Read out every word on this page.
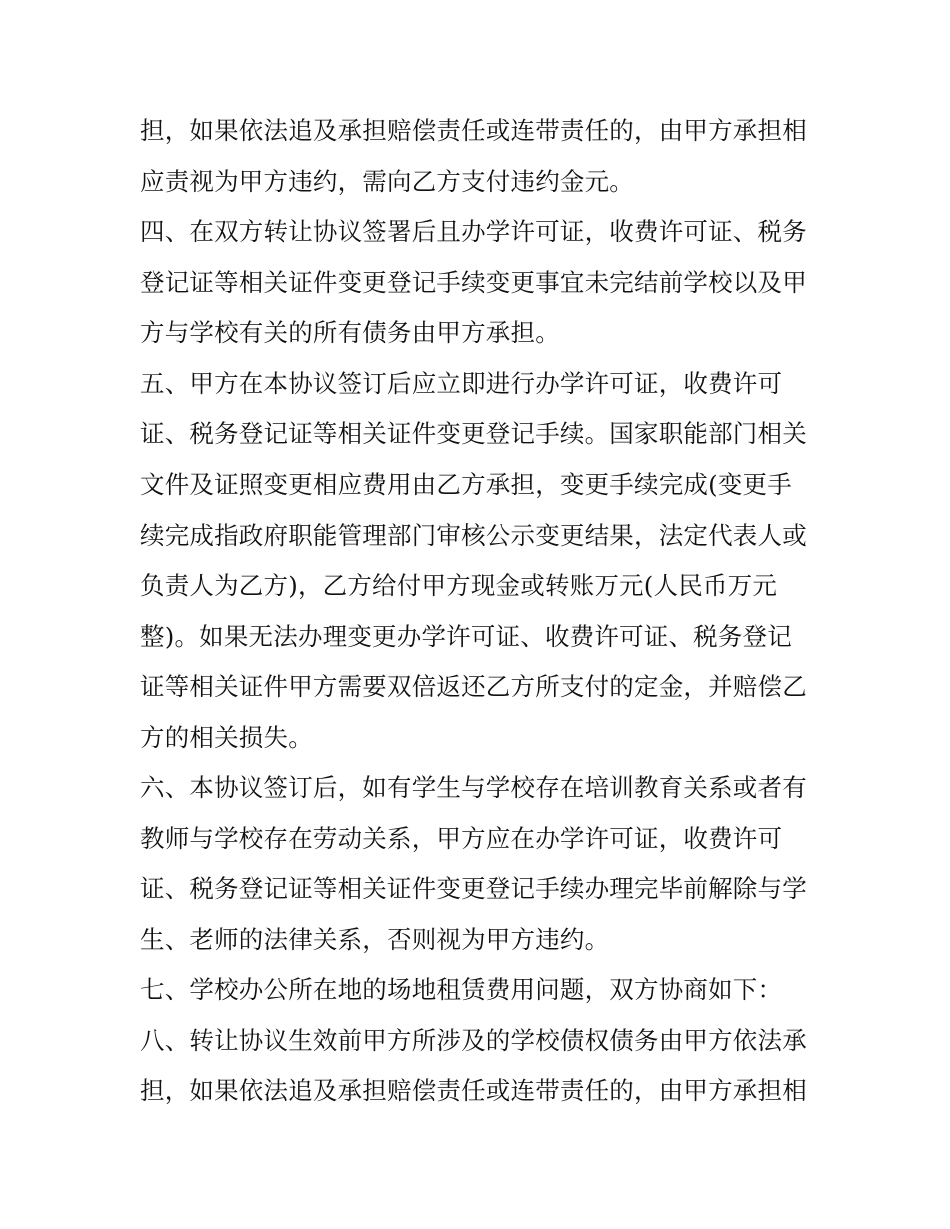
担，如果依法追及承担赔偿责任或连带责任的，由甲方承担相
应责视为甲方违约，需向乙方支付违约金元。
四、在双方转让协议签署后且办学许可证，收费许可证、税务
登记证等相关证件变更登记手续变更事宜未完结前学校以及甲
方与学校有关的所有债务由甲方承担。
五、甲方在本协议签订后应立即进行办学许可证，收费许可
证、税务登记证等相关证件变更登记手续。国家职能部门相关
文件及证照变更相应费用由乙方承担，变更手续完成(变更手
续完成指政府职能管理部门审核公示变更结果，法定代表人或
负责人为乙方)，乙方给付甲方现金或转账万元(人民币万元
整)。如果无法办理变更办学许可证、收费许可证、税务登记
证等相关证件甲方需要双倍返还乙方所支付的定金，并赔偿乙
方的相关损失。
六、本协议签订后，如有学生与学校存在培训教育关系或者有
教师与学校存在劳动关系，甲方应在办学许可证，收费许可
证、税务登记证等相关证件变更登记手续办理完毕前解除与学
生、老师的法律关系，否则视为甲方违约。
七、学校办公所在地的场地租赁费用问题，双方协商如下：
八、转让协议生效前甲方所涉及的学校债权债务由甲方依法承
担，如果依法追及承担赔偿责任或连带责任的，由甲方承担相
